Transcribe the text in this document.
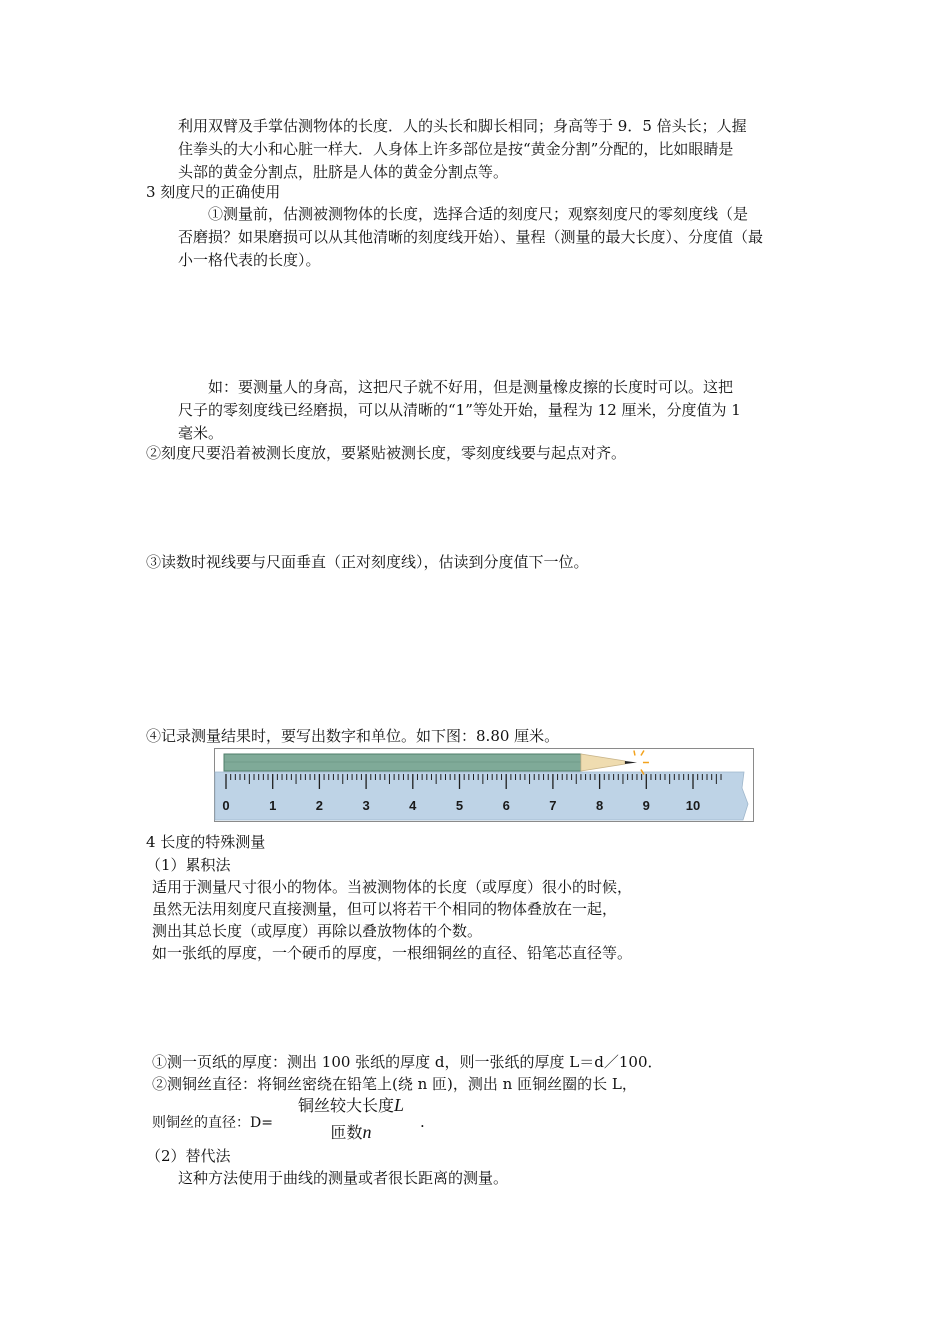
利用双臂及手掌估测物体的长度．人的头长和脚长相同；身高等于 9．5 倍头长；人握

住拳头的大小和心脏一样大．人身体上许多部位是按“黄金分割”分配的，比如眼睛是

头部的黄金分割点，肚脐是人体的黄金分割点等。

3 刻度尺的正确使用

①测量前，估测被测物体的长度，选择合适的刻度尺；观察刻度尺的零刻度线（是

否磨损？如果磨损可以从其他清晰的刻度线开始）、量程（测量的最大长度）、分度值（最

小一格代表的长度）。

如：要测量人的身高，这把尺子就不好用，但是测量橡皮擦的长度时可以。这把

尺子的零刻度线已经磨损，可以从清晰的“1”等处开始，量程为 12 厘米，分度值为 1

毫米。

②刻度尺要沿着被测长度放，要紧贴被测长度，零刻度线要与起点对齐。

③读数时视线要与尺面垂直（正对刻度线），估读到分度值下一位。

④记录测量结果时，要写出数字和单位。如下图：8.80 厘米。

0	1	2	3	4	5	6	7	8	9	10

4 长度的特殊测量

（1）累积法

适用于测量尺寸很小的物体。当被测物体的长度（或厚度）很小的时候，

虽然无法用刻度尺直接测量，但可以将若干个相同的物体叠放在一起，

测出其总长度（或厚度）再除以叠放物体的个数。

如一张纸的厚度，一个硬币的厚度，一根细铜丝的直径、铅笔芯直径等。

①测一页纸的厚度：测出 100 张纸的厚度 d，则一张纸的厚度 L＝d／100．

②测铜丝直径：将铜丝密绕在铅笔上(绕 n 匝)，测出 n 匝铜丝圈的长 L，

则铜丝的直径：D=

铜丝较大长度L
匝数n	.

（2）替代法

这种方法使用于曲线的测量或者很长距离的测量。
